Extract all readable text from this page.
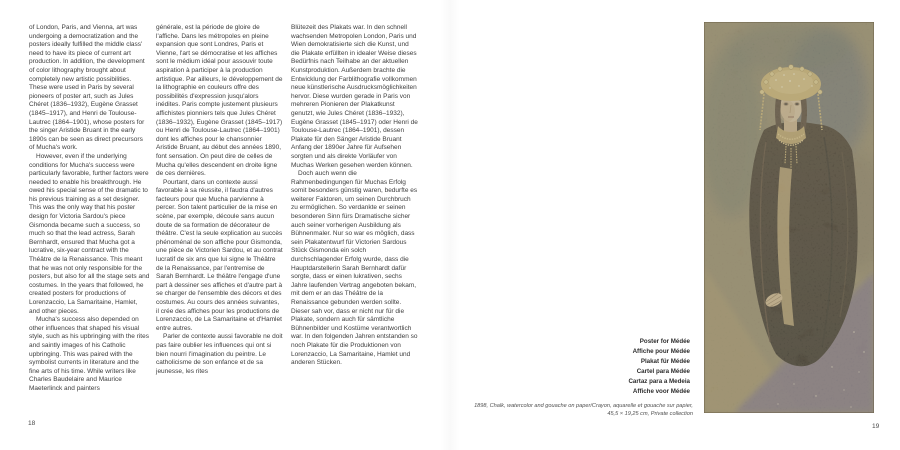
of London, Paris, and Vienna, art was undergoing a democratization and the posters ideally fulfilled the middle class' need to have its piece of current art production. In addition, the development of color lithography brought about completely new artistic possibilities. These were used in Paris by several pioneers of poster art, such as Jules Chéret (1836–1932), Eugène Grasset (1845–1917), and Henri de Toulouse-Lautrec (1864–1901), whose posters for the singer Aristide Bruant in the early 1890s can be seen as direct precursors of Mucha's work.

However, even if the underlying conditions for Mucha's success were particularly favorable, further factors were needed to enable his breakthrough. He owed his special sense of the dramatic to his previous training as a set designer. This was the only way that his poster design for Victoria Sardou's piece Gismonda became such a success, so much so that the lead actress, Sarah Bernhardt, ensured that Mucha got a lucrative, six-year contract with the Théâtre de la Renaissance. This meant that he was not only responsible for the posters, but also for all the stage sets and costumes. In the years that followed, he created posters for productions of Lorenzaccio, La Samaritaine, Hamlet, and other pieces.

Mucha's success also depended on other influences that shaped his visual style, such as his upbringing with the rites and saintly images of his Catholic upbringing. This was paired with the symbolist currents in literature and the fine arts of his time. While writers like Charles Baudelaire and Maurice Maeterlinck and painters

générale, est la période de gloire de l'affiche. Dans les métropoles en pleine expansion que sont Londres, Paris et Vienne, l'art se démocratise et les affiches sont le médium idéal pour assouvir toute aspiration à participer à la production artistique. Par ailleurs, le développement de la lithographie en couleurs offre des possibilités d'expression jusqu'alors inédites. Paris compte justement plusieurs affichistes pionniers tels que Jules Chéret (1836–1932), Eugène Grasset (1845–1917) ou Henri de Toulouse-Lautrec (1864–1901) dont les affiches pour le chansonnier Aristide Bruant, au début des années 1890, font sensation. On peut dire de celles de Mucha qu'elles descendent en droite ligne de ces dernières.

Pourtant, dans un contexte aussi favorable à sa réussite, il faudra d'autres facteurs pour que Mucha parvienne à percer. Son talent particulier de la mise en scène, par exemple, découle sans aucun doute de sa formation de décorateur de théâtre. C'est la seule explication au succès phénoménal de son affiche pour Gismonda, une pièce de Victorien Sardou, et au contrat lucratif de six ans que lui signe le Théâtre de la Renaissance, par l'entremise de Sarah Bernhardt. Le théâtre l'engage d'une part à dessiner ses affiches et d'autre part à se charger de l'ensemble des décors et des costumes. Au cours des années suivantes, il crée des affiches pour les productions de Lorenzaccio, de La Samaritaine et d'Hamlet entre autres.

Parler de contexte aussi favorable ne doit pas faire oublier les influences qui ont si bien nourri l'imagination du peintre. Le catholicisme de son enfance et de sa jeunesse, les rites

Blütezeit des Plakats war. In den schnell wachsenden Metropolen London, Paris und Wien demokratisierte sich die Kunst, und die Plakate erfüllten in idealer Weise dieses Bedürfnis nach Teilhabe an der aktuellen Kunstproduktion. Außerdem brachte die Entwicklung der Farblithografie vollkommen neue künstlerische Ausdrucksmöglichkeiten hervor. Diese wurden gerade in Paris von mehreren Pionieren der Plakatkunst genutzt, wie Jules Chéret (1836–1932), Eugène Grasset (1845–1917) oder Henri de Toulouse-Lautrec (1864–1901), dessen Plakate für den Sänger Aristide Bruant Anfang der 1890er Jahre für Aufsehen sorgten und als direkte Vorläufer von Muchas Werken gesehen werden können.

Doch auch wenn die Rahmenbedingungen für Muchas Erfolg somit besonders günstig waren, bedurfte es weiterer Faktoren, um seinen Durchbruch zu ermöglichen. So verdankte er seinen besonderen Sinn fürs Dramatische sicher auch seiner vorherigen Ausbildung als Bühnenmaler. Nur so war es möglich, dass sein Plakatentwurf für Victorien Sardous Stück Gismonda ein solch durchschlagender Erfolg wurde, dass die Hauptdarstellerin Sarah Bernhardt dafür sorgte, dass er einen lukrativen, sechs Jahre laufenden Vertrag angeboten bekam, mit dem er an das Théâtre de la Renaissance gebunden werden sollte. Dieser sah vor, dass er nicht nur für die Plakate, sondern auch für sämtliche Bühnenbilder und Kostüme verantwortlich war. In den folgenden Jahren entstanden so noch Plakate für die Produktionen von Lorenzaccio, La Samaritaine, Hamlet und anderen Stücken.

18
Poster for Médée
Affiche pour Médée
Plakat für Médée
Cartel para Médée
Cartaz para a Medeia
Affiche voor Médée
1898, Chalk, watercolor and gouache on paper/Crayon, aquarelle et gouache sur papier, 45,5 × 19,25 cm, Private collection
19
